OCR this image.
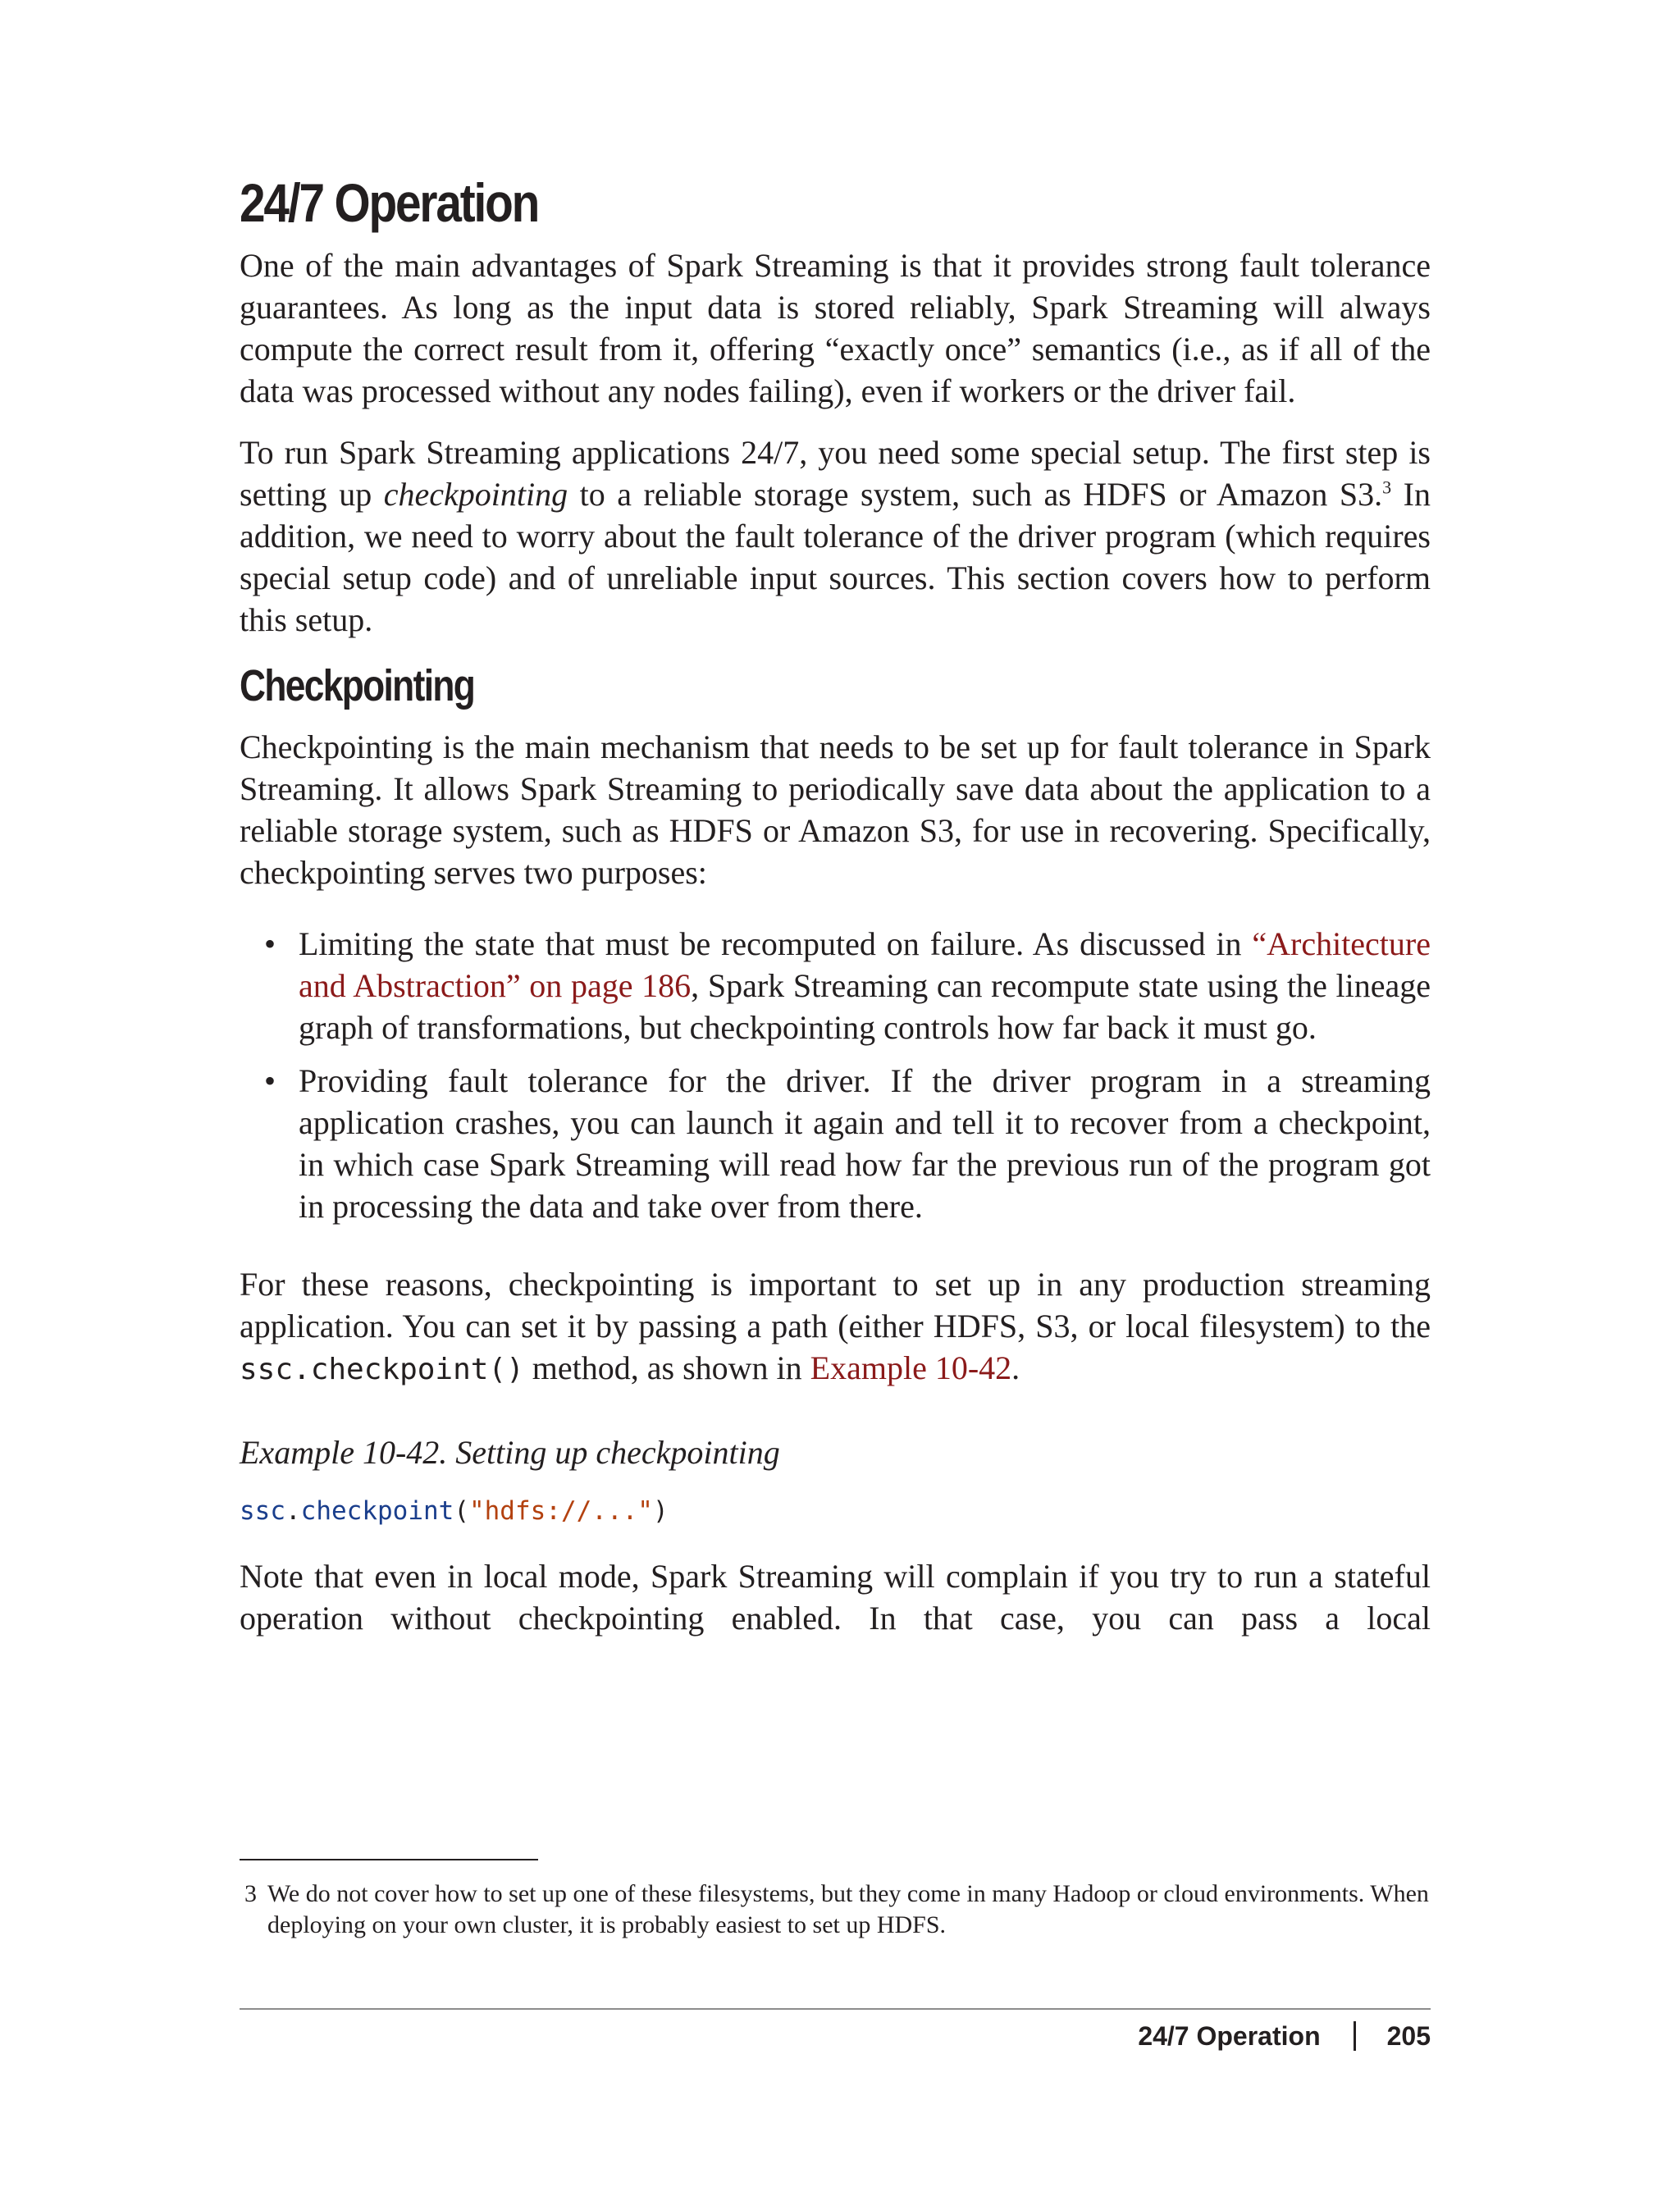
24/7 Operation

One of the main advantages of Spark Streaming is that it provides strong fault tolerance guarantees. As long as the input data is stored reliably, Spark Streaming will always compute the correct result from it, offering “exactly once” semantics (i.e., as if all of the data was processed without any nodes failing), even if workers or the driver fail.

To run Spark Streaming applications 24/7, you need some special setup. The first step is setting up checkpointing to a reliable storage system, such as HDFS or Amazon S3.$^3$ In addition, we need to worry about the fault tolerance of the driver program (which requires special setup code) and of unreliable input sources. This section covers how to perform this setup.

Checkpointing

Checkpointing is the main mechanism that needs to be set up for fault tolerance in Spark Streaming. It allows Spark Streaming to periodically save data about the application to a reliable storage system, such as HDFS or Amazon S3, for use in recovering. Specifically, checkpointing serves two purposes:

• Limiting the state that must be recomputed on failure. As discussed in “Architecture and Abstraction” on page 186, Spark Streaming can recompute state using the lineage graph of transformations, but checkpointing controls how far back it must go.
• Providing fault tolerance for the driver. If the driver program in a streaming application crashes, you can launch it again and tell it to recover from a checkpoint, in which case Spark Streaming will read how far the previous run of the program got in processing the data and take over from there.

For these reasons, checkpointing is important to set up in any production streaming application. You can set it by passing a path (either HDFS, S3, or local filesystem) to the ssc.checkpoint() method, as shown in Example 10-42.

Example 10-42. Setting up checkpointing
ssc.checkpoint("hdfs://...")

Note that even in local mode, Spark Streaming will complain if you try to run a stateful operation without checkpointing enabled. In that case, you can pass a local

3 We do not cover how to set up one of these filesystems, but they come in many Hadoop or cloud environments. When deploying on your own cluster, it is probably easiest to set up HDFS.
24/7 Operation	205
